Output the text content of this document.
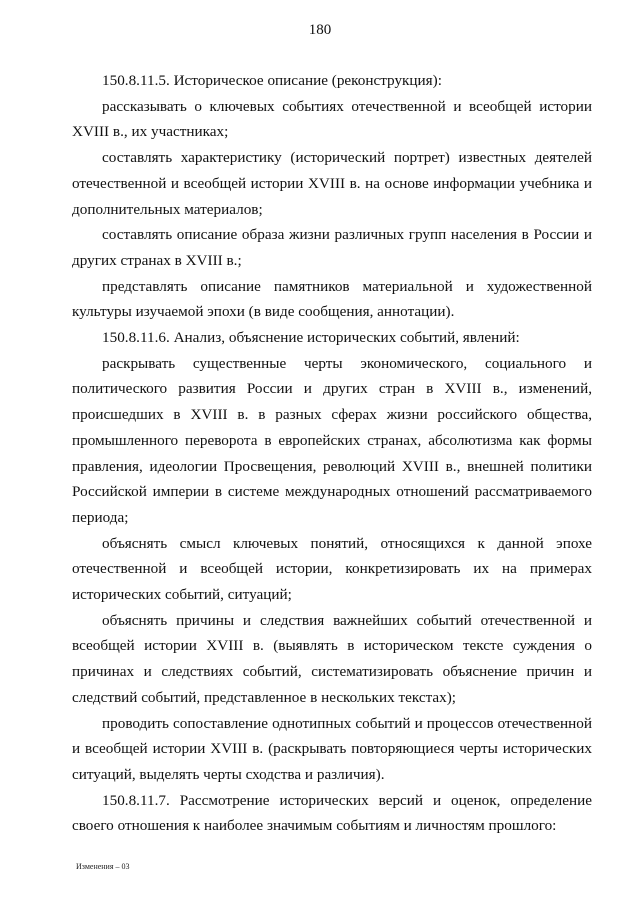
180

150.8.11.5. Историческое описание (реконструкция):

рассказывать о ключевых событиях отечественной и всеобщей истории XVIII в., их участниках;

составлять характеристику (исторический портрет) известных деятелей отечественной и всеобщей истории XVIII в. на основе информации учебника и дополнительных материалов;

составлять описание образа жизни различных групп населения в России и других странах в XVIII в.;

представлять описание памятников материальной и художественной культуры изучаемой эпохи (в виде сообщения, аннотации).

150.8.11.6. Анализ, объяснение исторических событий, явлений:

раскрывать существенные черты экономического, социального и политического развития России и других стран в XVIII в., изменений, происшедших в XVIII в. в разных сферах жизни российского общества, промышленного переворота в европейских странах, абсолютизма как формы правления, идеологии Просвещения, революций XVIII в., внешней политики Российской империи в системе международных отношений рассматриваемого периода;

объяснять смысл ключевых понятий, относящихся к данной эпохе отечественной и всеобщей истории, конкретизировать их на примерах исторических событий, ситуаций;

объяснять причины и следствия важнейших событий отечественной и всеобщей истории XVIII в. (выявлять в историческом тексте суждения о причинах и следствиях событий, систематизировать объяснение причин и следствий событий, представленное в нескольких текстах);

проводить сопоставление однотипных событий и процессов отечественной и всеобщей истории XVIII в. (раскрывать повторяющиеся черты исторических ситуаций, выделять черты сходства и различия).

150.8.11.7. Рассмотрение исторических версий и оценок, определение своего отношения к наиболее значимым событиям и личностям прошлого:

Изменения – 03
